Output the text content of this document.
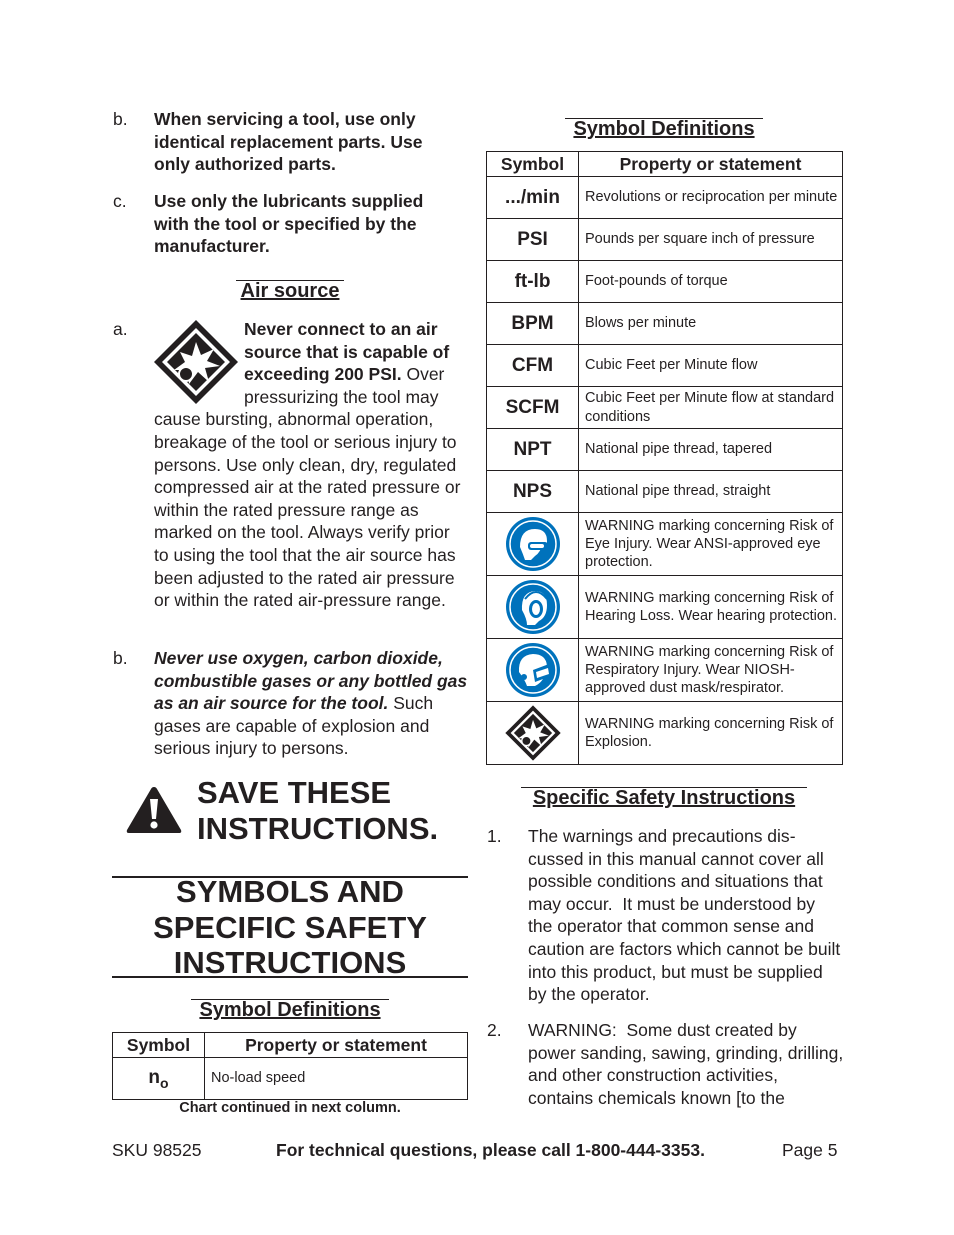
b. When servicing a tool, use only identical replacement parts. Use only authorized parts.
c. Use only the lubricants supplied with the tool or specified by the manufacturer.
Air source
a.	Never connect to an air source that is capable of exceeding 200 PSI. Over pressurizing the tool may cause bursting, abnormal operation, breakage of the tool or serious injury to persons. Use only clean, dry, regulated compressed air at the rated pressure or within the rated pressure range as marked on the tool. Always verify prior to using the tool that the air source has been adjusted to the rated air pressure or within the rated air-pressure range.
b. Never use oxygen, carbon dioxide, combustible gases or any bottled gas as an air source for the tool. Such gases are capable of explosion and serious injury to persons.
SAVE THESE
INSTRUCTIONS.
SYMBOLS AND
SPECIFIC SAFETY
INSTRUCTIONS
Symbol Definitions
Symbol	Property or statement
$n_o$	No-load speed
Chart continued in next column.
Symbol Definitions
Symbol	Property or statement
.../min	Revolutions or reciprocation per minute
PSI	Pounds per square inch of pressure
ft-lb	Foot-pounds of torque
BPM	Blows per minute
CFM	Cubic Feet per Minute flow
SCFM	Cubic Feet per Minute flow at standard conditions
NPT	National pipe thread, tapered
NPS	National pipe thread, straight

	WARNING marking concerning Risk of Eye Injury. Wear ANSI-approved eye protection.

	WARNING marking concerning Risk of Hearing Loss. Wear hearing protection.

	WARNING marking concerning Risk of Respiratory Injury. Wear NIOSH-approved dust mask/respirator.

	WARNING marking concerning Risk of Explosion.
Specific Safety Instructions
1. The warnings and precautions discussed in this manual cannot cover all possible conditions and situations that may occur.  It must be understood by the operator that common sense and caution are factors which cannot be built into this product, but must be supplied by the operator.
2. WARNING:  Some dust created by power sanding, sawing, grinding, drilling, and other construction activities, contains chemicals known [to the
SKU 98525	For technical questions, please call 1-800-444-3353.	Page 5
